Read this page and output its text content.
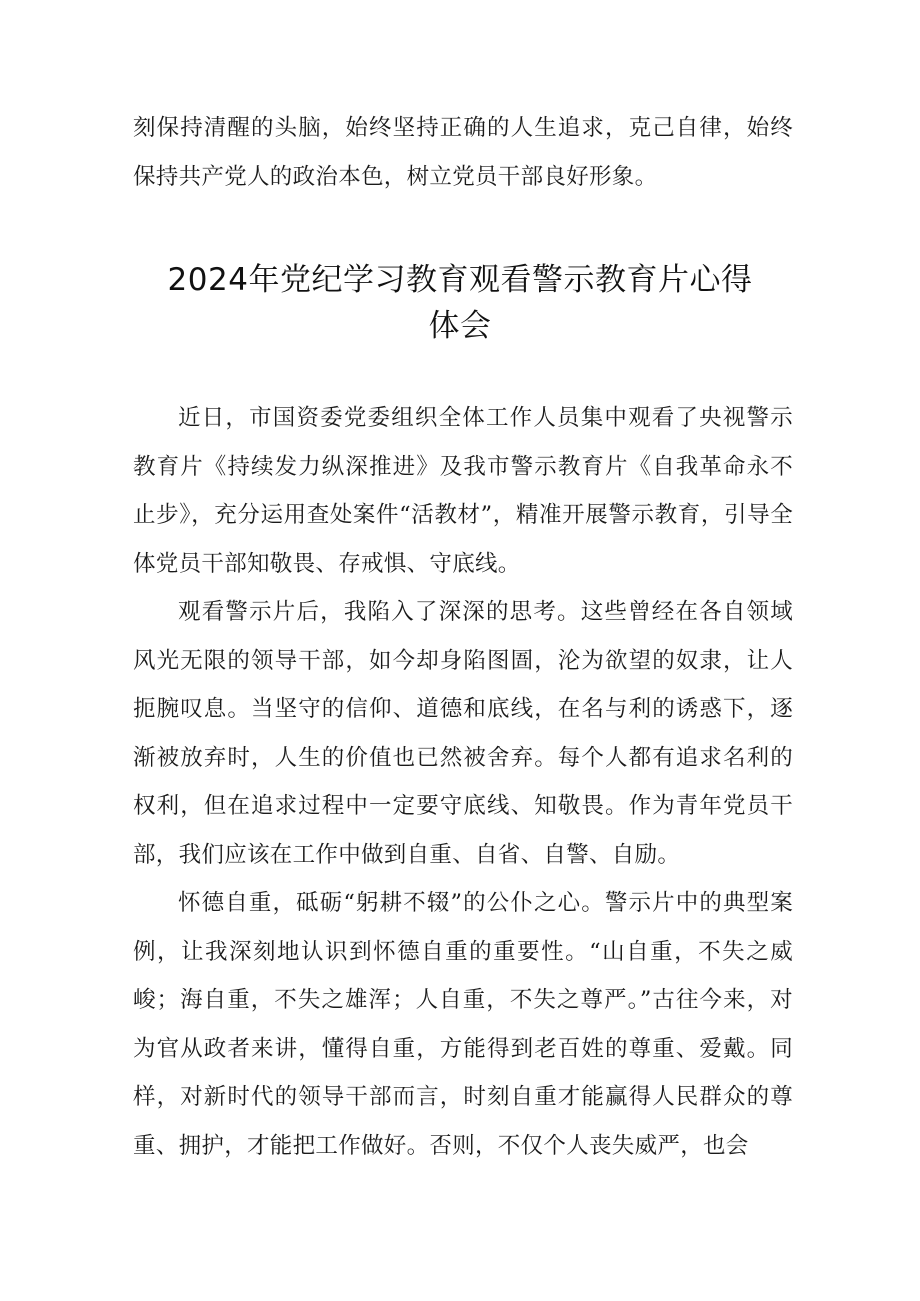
刻保持清醒的头脑，始终坚持正确的人生追求，克己自律，始终保持共产党人的政治本色，树立党员干部良好形象。
2024年党纪学习教育观看警示教育片心得
体会

近日，市国资委党委组织全体工作人员集中观看了央视警示教育片《持续发力纵深推进》及我市警示教育片《自我革命永不止步》，充分运用查处案件“活教材”，精准开展警示教育，引导全体党员干部知敬畏、存戒惧、守底线。

观看警示片后，我陷入了深深的思考。这些曾经在各自领域风光无限的领导干部，如今却身陷图圄，沦为欲望的奴隶，让人扼腕叹息。当坚守的信仰、道德和底线，在名与利的诱惑下，逐渐被放弃时，人生的价值也已然被舍弃。每个人都有追求名利的权利，但在追求过程中一定要守底线、知敬畏。作为青年党员干部，我们应该在工作中做到自重、自省、自警、自励。

怀德自重，砥砺“躬耕不辍”的公仆之心。警示片中的典型案例，让我深刻地认识到怀德自重的重要性。“山自重，不失之威峻；海自重，不失之雄浑；人自重，不失之尊严。”古往今来，对为官从政者来讲，懂得自重，方能得到老百姓的尊重、爱戴。同样，对新时代的领导干部而言，时刻自重才能赢得人民群众的尊重、拥护，才能把工作做好。否则，不仅个人丧失威严，也会
